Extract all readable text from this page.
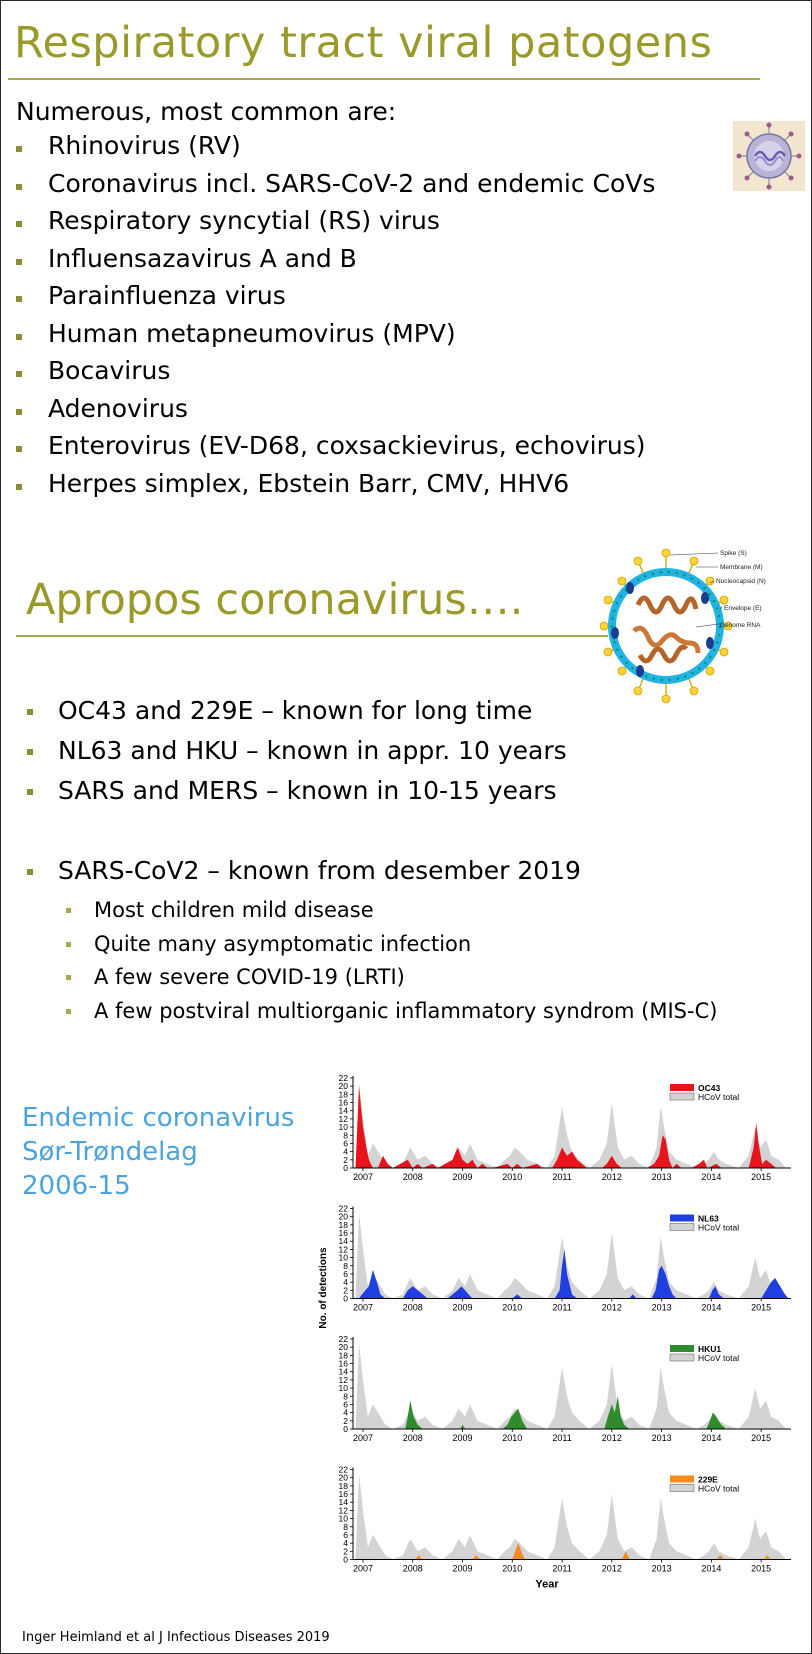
Respiratory tract viral patogens
Numerous, most common are:
Rhinovirus (RV)
Coronavirus incl. SARS-CoV-2 and endemic CoVs
Respiratory syncytial (RS) virus
Influensazavirus A and B
Parainfluenza virus
Human metapneumovirus (MPV)
Bocavirus
Adenovirus
Enterovirus (EV-D68, coxsackievirus, echovirus)
Herpes simplex, Ebstein Barr, CMV, HHV6
Apropos coronavirus….
Spike (S)
Membrane (M)
Nucleocapsid (N)
Envelope (E)
Genome RNA
OC43 and 229E – known for long time
NL63 and HKU – known in appr. 10 years
SARS and MERS – known in 10-15 years
SARS-CoV2 – known from desember 2019
Most children mild disease
Quite many asymptomatic infection
A few severe COVID-19 (LRTI)
A few postviral multiorganic inflammatory syndrom (MIS-C)
Endemic coronavirus
Sør-Trøndelag
2006-15
0
2
4
6
8
10
12
14
16
18
20
22
2007	2008	2009	2010	2011	2012	2013	2014	2015
OC43
HCoV total
0
2
4
6
8
10
12
14
16
18
20
22
2007	2008	2009	2010	2011	2012	2013	2014	2015
NL63
HCoV total
0
2
4
6
8
10
12
14
16
18
20
22
2007	2008	2009	2010	2011	2012	2013	2014	2015
HKU1
HCoV total
0
2
4
6
8
10
12
14
16
18
20
22
2007	2008	2009	2010	2011	2012	2013	2014	2015
229E
HCoV total
No. of detections
Year
Inger Heimland et al J Infectious Diseases 2019
